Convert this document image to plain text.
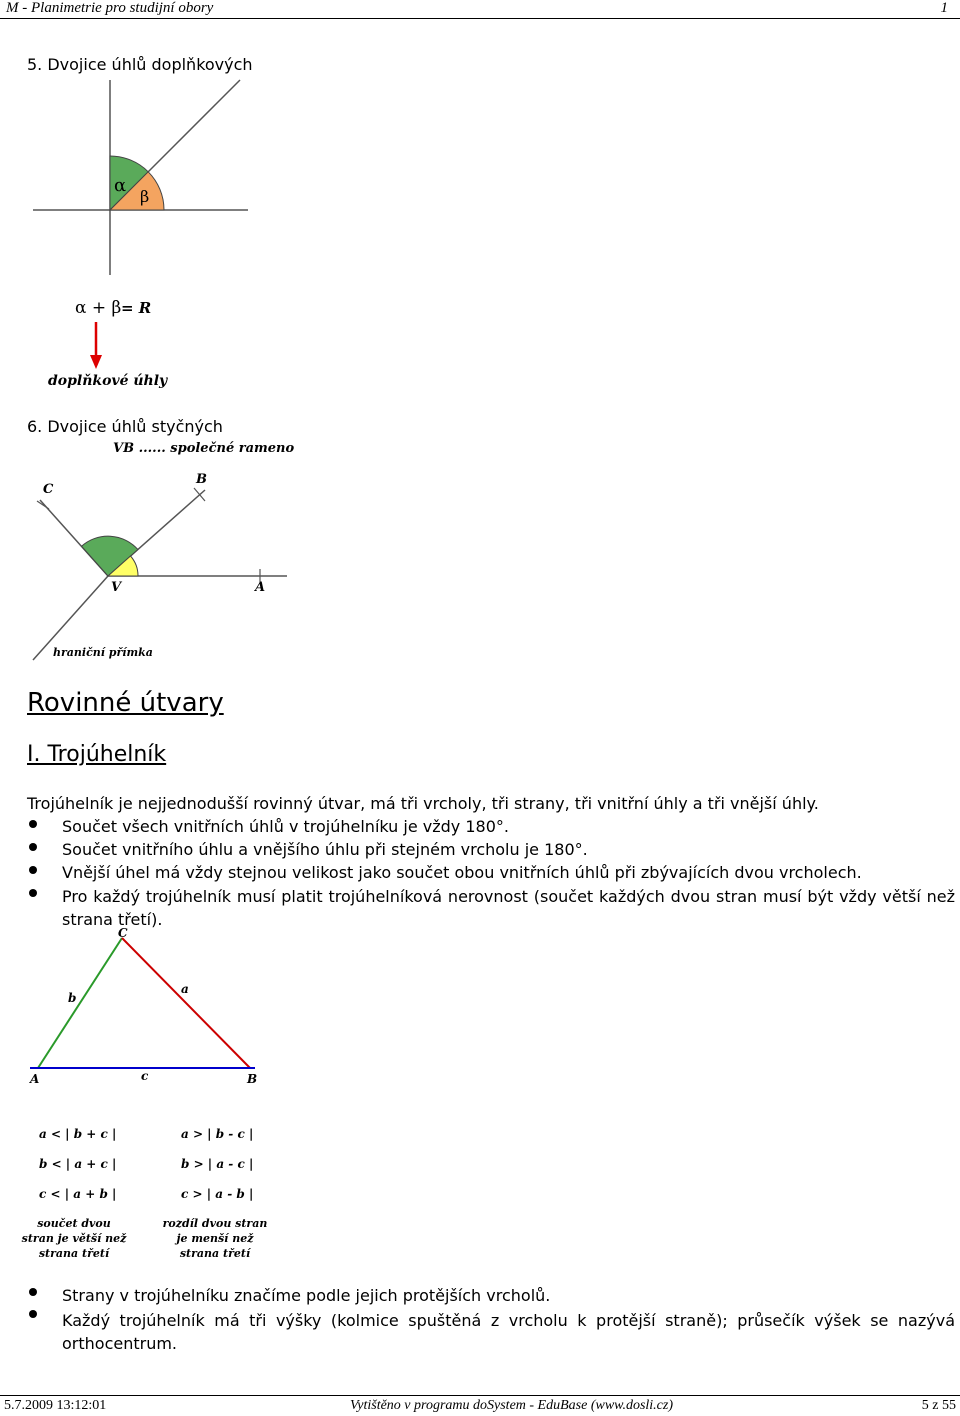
M - Planimetrie pro studijní obory	1
5. Dvojice úhlů doplňkových
α
β
α + β = R
doplňkové úhly
6. Dvojice úhlů styčných
VB ...... společné rameno
C
B
V	A
hraniční přímka
Rovinné útvary
I. Trojúhelník
Trojúhelník je nejjednodušší rovinný útvar, má tři vrcholy, tři strany, tři vnitřní úhly a tři vnější úhly.
Součet všech vnitřních úhlů v trojúhelníku je vždy 180°.
Součet vnitřního úhlu a vnějšího úhlu při stejném vrcholu je 180°.
Vnější úhel má vždy stejnou velikost jako součet obou vnitřních úhlů při zbývajících dvou vrcholech.
Pro každý trojúhelník musí platit trojúhelníková nerovnost (součet každých dvou stran musí být vždy větší než strana třetí).
C
A	B
b
a
c
a < | b + c |
b < | a + c |
c < | a + b |
a > | b - c |
b > | a - c |
c > | a - b |
součet dvou
stran je větší než
strana třetí
rozdíl dvou stran
je menší než
strana třetí
Strany v trojúhelníku značíme podle jejich protějších vrcholů.
Každý trojúhelník má tři výšky (kolmice spuštěná z vrcholu k protější straně); průsečík výšek se nazývá orthocentrum.
5.7.2009 13:12:01	Vytištěno v programu doSystem - EduBase (www.dosli.cz)	5 z 55
